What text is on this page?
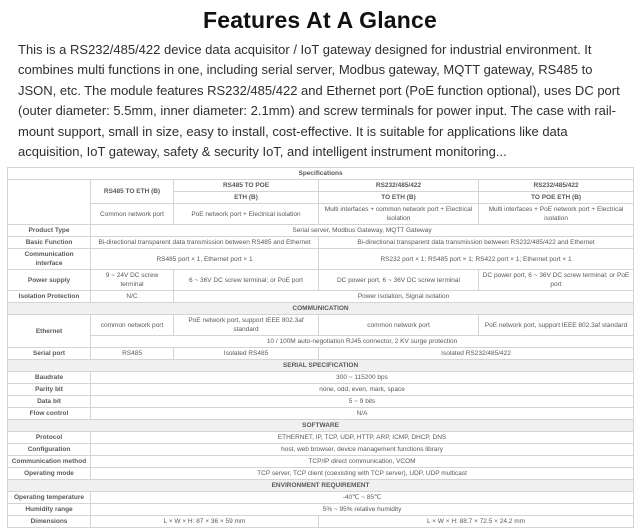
Features At A Glance

This is a RS232/485/422 device data acquisitor / IoT gateway designed for industrial environment. It combines multi functions in one, including serial server, Modbus gateway, MQTT gateway, RS485 to JSON, etc. The module features RS232/485/422 and Ethernet port (PoE function optional), uses DC port (outer diameter: 5.5mm, inner diameter: 2.1mm) and screw terminals for power input. The case with rail-mount support, small in size, easy to install, cost-effective. It is suitable for applications like data acquisition, IoT gateway, safety & security IoT, and intelligent instrument monitoring...

Specifications				
	RS485 TO ETH (B)	RS485 TO POE	RS232/485/422	RS232/485/422
		ETH (B)	TO ETH (B)	TO POE ETH (B)
	Common network port	PoE network port + Electrical isolation	Multi interfaces + common network port + Electrical isolation	Multi interfaces + PoE network port + Electrical isolation
Product Type	Serial server, Modbus Gateway, MQTT Gateway			
Basic Function	Bi-directional transparent data transmission between RS485 and Ethernet		Bi-directional transparent data transmission between RS232/485/422 and Ethernet	
Communication interface	RS485 port × 1, Ethernet port × 1		RS232 port × 1; RS485 port × 1; RS422 port × 1; Ethernet port × 1	
Power supply	9 ~ 24V DC screw terminal	6 ~ 36V DC screw terminal; or PoE port	DC power port, 6 ~ 36V DC screw terminal	DC power port, 6 ~ 36V DC screw terminal; or PoE port
Isolation Protection	N/C	Power isolation, Signal isolation		
COMMUNICATION				
Ethernet	common network port	PoE network port, support IEEE 802.3af standard	common network port	PoE network port, support IEEE 802.3af standard
	10 / 100M auto-negotiation RJ45 connector, 2 KV surge protection			
Serial port	RS485	Isolated RS485	Isolated RS232/485/422	
SERIAL SPECIFICATION				
Baudrate	300 ~ 115200 bps			
Parity bit	none, odd, even, mark, space			
Data bit	5 ~ 9 bits			
Flow control	N/A			
SOFTWARE				
Protocol	ETHERNET, IP, TCP, UDP, HTTP, ARP, ICMP, DHCP, DNS			
Configuration	host, web browser, device management functions library			
Communication method	TCP/IP direct communication, VCOM			
Operating mode	TCP server, TCP client (coexisting with TCP server), UDP, UDP multicast			
ENVIRONMENT REQUIREMENT				
Operating temperature	-40℃ ~ 85℃			
Humidity range	5% ~ 95% relative humidity			
Dimensions	L × W × H: 87 × 36 × 59 mm		L × W × H: 88.7 × 72.5 × 24.2 mm	
